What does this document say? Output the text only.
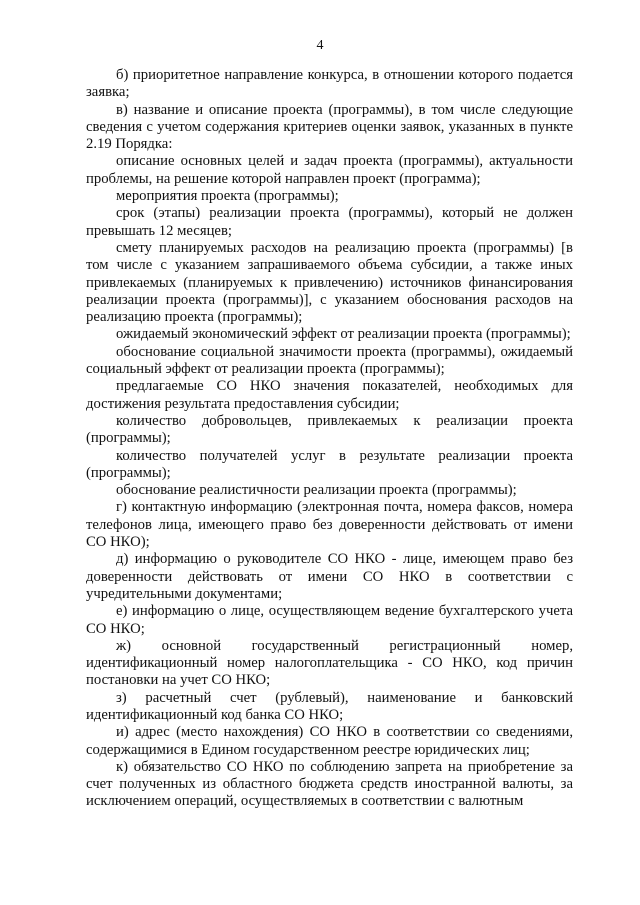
4

б) приоритетное направление конкурса, в отношении которого подается заявка;

в) название и описание проекта (программы), в том числе следующие сведения с учетом содержания критериев оценки заявок, указанных в пункте 2.19 Порядка:

описание основных целей и задач проекта (программы), актуальности проблемы, на решение которой направлен проект (программа);

мероприятия проекта (программы);

срок (этапы) реализации проекта (программы), который не должен превышать 12 месяцев;

смету планируемых расходов на реализацию проекта (программы) [в том числе с указанием запрашиваемого объема субсидии, а также иных привлекаемых (планируемых к привлечению) источников финансирования реализации проекта (программы)], с указанием обоснования расходов на реализацию проекта (программы);

ожидаемый экономический эффект от реализации проекта (программы);

обоснование социальной значимости проекта (программы), ожидаемый социальный эффект от реализации проекта (программы);

предлагаемые СО НКО значения показателей, необходимых для достижения результата предоставления субсидии;

количество добровольцев, привлекаемых к реализации проекта (программы);

количество получателей услуг в результате реализации проекта (программы);

обоснование реалистичности реализации проекта (программы);

г) контактную информацию (электронная почта, номера факсов, номера телефонов лица, имеющего право без доверенности действовать от имени СО НКО);

д) информацию о руководителе СО НКО - лице, имеющем право без доверенности действовать от имени СО НКО в соответствии с учредительными документами;

е) информацию о лице, осуществляющем ведение бухгалтерского учета СО НКО;

ж) основной государственный регистрационный номер, идентификационный номер налогоплательщика - СО НКО, код причин постановки на учет СО НКО;

з) расчетный счет (рублевый), наименование и банковский идентификационный код банка СО НКО;

и) адрес (место нахождения) СО НКО в соответствии со сведениями, содержащимися в Едином государственном реестре юридических лиц;

к) обязательство СО НКО по соблюдению запрета на приобретение за счет полученных из областного бюджета средств иностранной валюты, за исключением операций, осуществляемых в соответствии с валютным
